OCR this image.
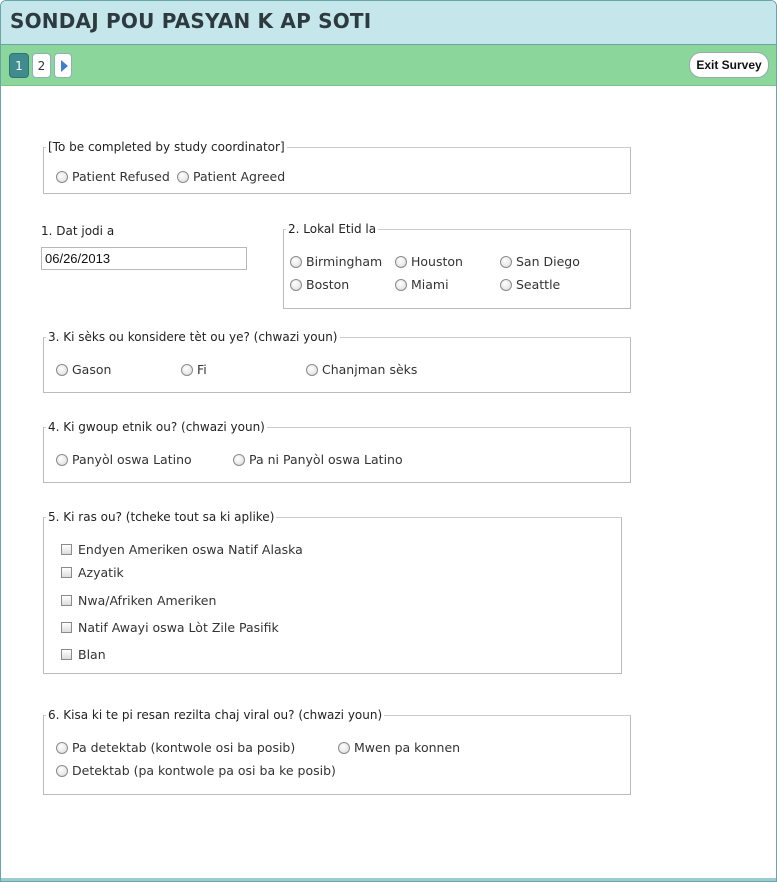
SONDAJ POU PASYAN K AP SOTI
1	2	Exit Survey
[To be completed by study coordinator]
Patient Refused Patient Agreed
1. Dat jodi a
06/26/2013	2. Lokal Etid la
Birmingham Houston	San Diego
Boston	Miami	Seattle
3. Ki sèks ou konsidere tèt ou ye? (chwazi youn)
Gason	Fi	Chanjman sèks
4. Ki gwoup etnik ou? (chwazi youn)
Panyòl oswa Latino	Pa ni Panyòl oswa Latino
5. Ki ras ou? (tcheke tout sa ki aplike)
Endyen Ameriken oswa Natif Alaska
Azyatik
Nwa/Afriken Ameriken
Natif Awayi oswa Lòt Zile Pasifik
Blan
6. Kisa ki te pi resan rezilta chaj viral ou? (chwazi youn)
Pa detektab (kontwole osi ba posib)	Mwen pa konnen
Detektab (pa kontwole pa osi ba ke posib)
